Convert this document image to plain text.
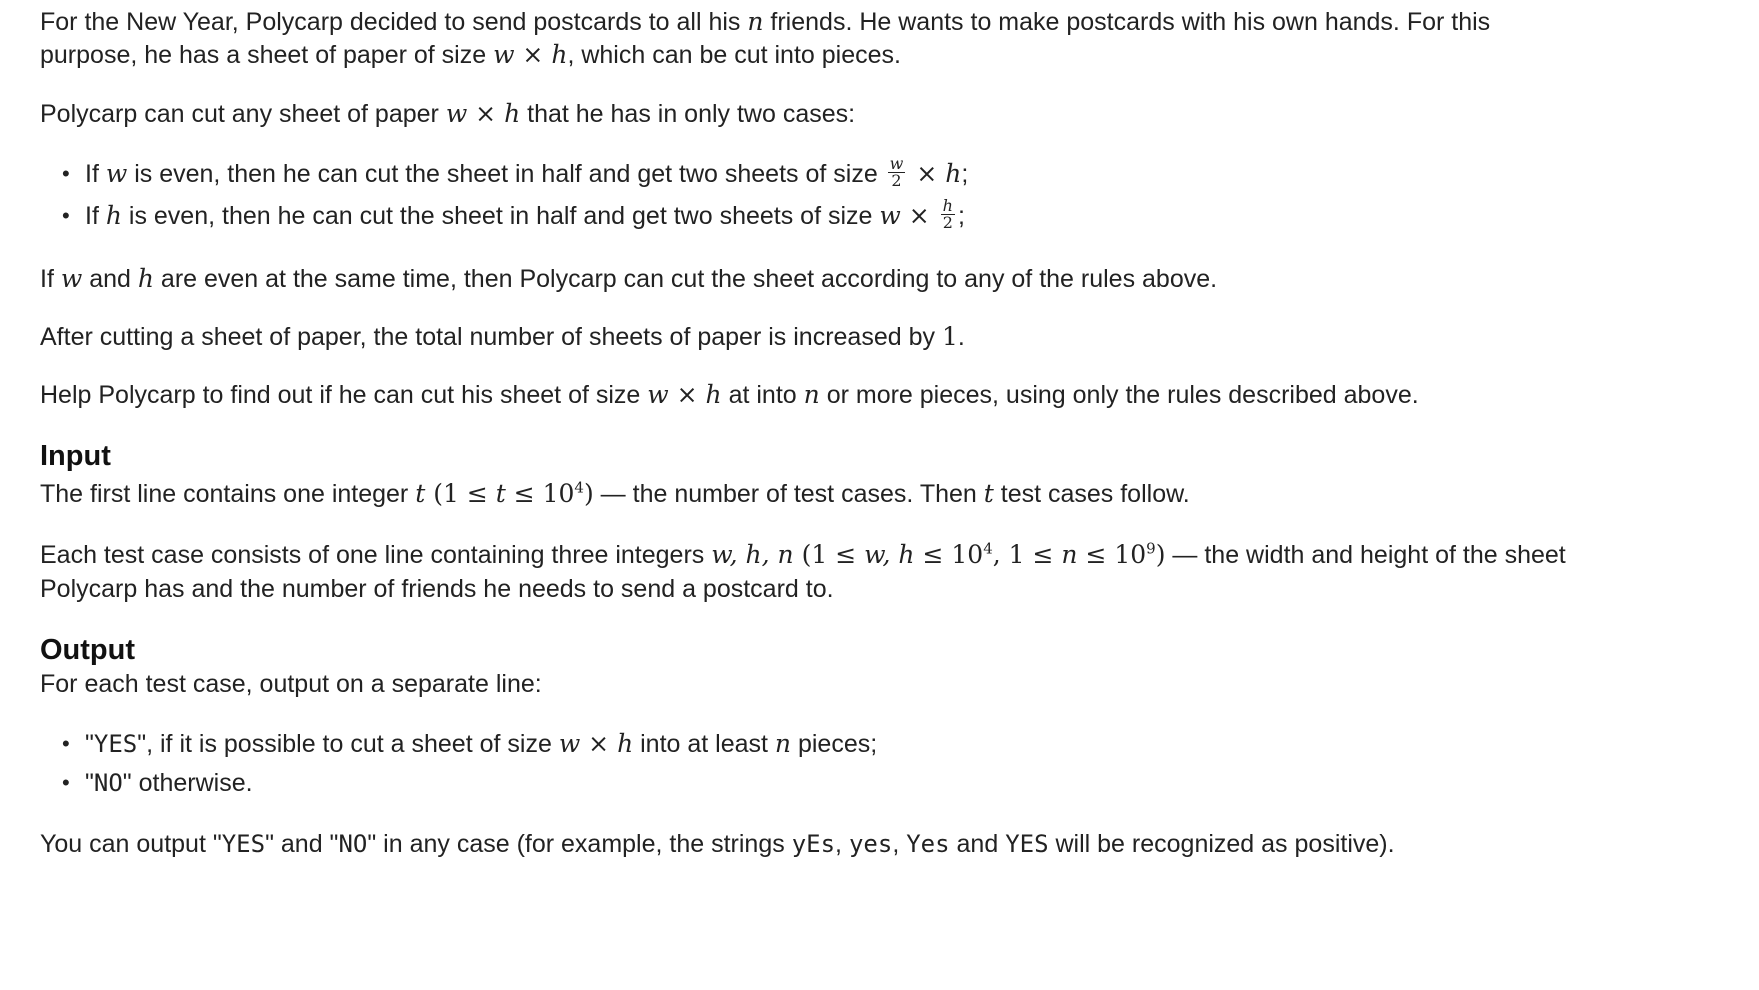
For the New Year, Polycarp decided to send postcards to all his n friends. He wants to make postcards with his own hands. For this
purpose, he has a sheet of paper of size w × h, which can be cut into pieces.
Polycarp can cut any sheet of paper w × h that he has in only two cases:
• If w is even, then he can cut the sheet in half and get two sheets of size $\frac{w}{2} \times h$;
• If h is even, then he can cut the sheet in half and get two sheets of size $w \times \frac{h}{2}$ ;
If w and h are even at the same time, then Polycarp can cut the sheet according to any of the rules above.
After cutting a sheet of paper, the total number of sheets of paper is increased by 1.
Help Polycarp to find out if he can cut his sheet of size w × h at into n or more pieces, using only the rules described above.
Input
The first line contains one integer t $(1 \le t \le 10^4)$ — the number of test cases. Then t test cases follow.
Each test case consists of one line containing three integers w, h, n (1 ≤ w, $h \le 10^4$, $1 \le n \le 10^9$) — the width and height of the sheet
Polycarp has and the number of friends he needs to send a postcard to.
Output
For each test case, output on a separate line:
• "YES", if it is possible to cut a sheet of size w × h into at least n pieces;
• "NO" otherwise.
You can output "YES" and "NO" in any case (for example, the strings yEs, yes, Yes and YES will be recognized as positive).
